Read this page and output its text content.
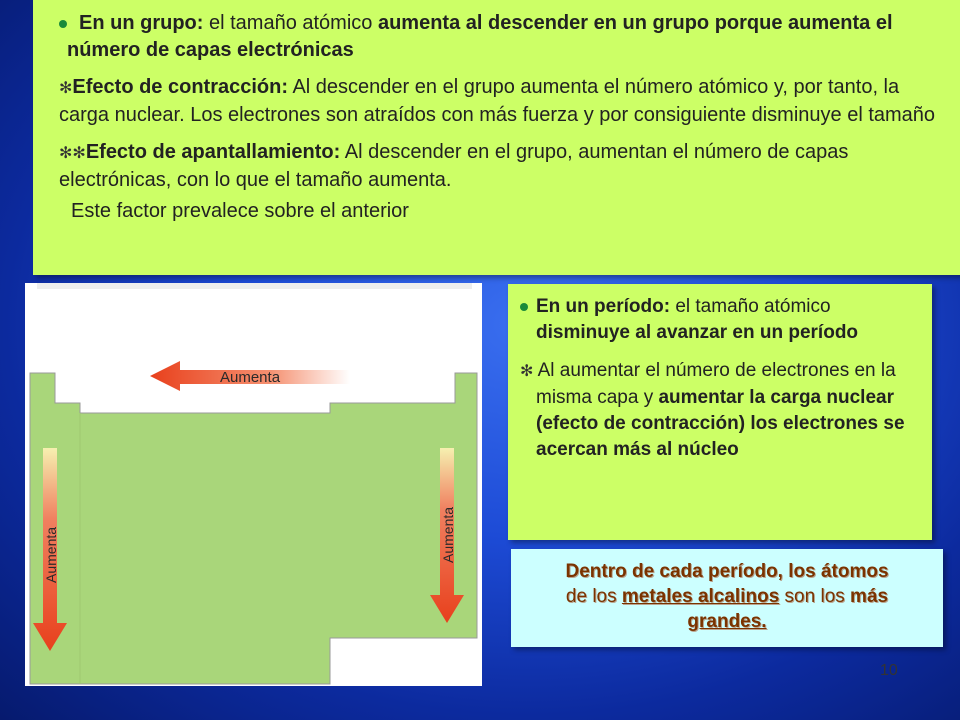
En un grupo: el tamaño atómico aumenta al descender en un grupo porque aumenta el número de capas electrónicas

✻Efecto de contracción: Al descender en el grupo aumenta el número atómico y, por tanto, la carga nuclear. Los electrones son atraídos con más fuerza y por consiguiente disminuye el tamaño

✻✻Efecto de apantallamiento: Al descender en el grupo, aumentan el número de capas electrónicas, con lo que el tamaño aumenta.

Este factor prevalece sobre el anterior

Aumenta
Aumenta	Aumenta

En un período: el tamaño atómico disminuye al avanzar en un período

✻ Al aumentar el número de electrones en la misma capa y aumentar la carga nuclear (efecto de contracción) los electrones se acercan más al núcleo

Dentro de cada período, los átomos
de los metales alcalinos son los más
grandes.
10
